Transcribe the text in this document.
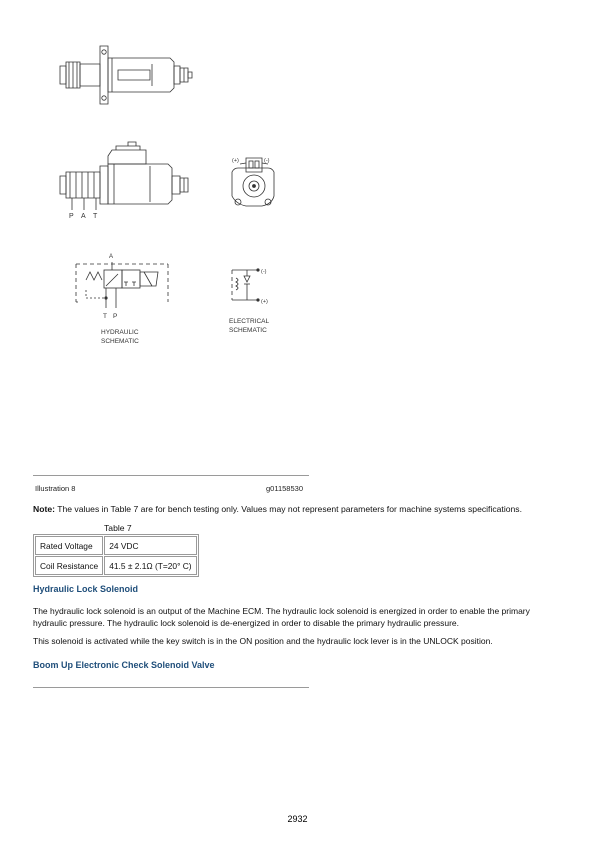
P A T
(+)	(-)
A
T P
HYDRAULIC
SCHEMATIC
(-)
(+)
ELECTRICAL
SCHEMATIC
Illustration 8	g01158530
Note: The values in Table 7 are for bench testing only. Values may not represent parameters for machine systems specifications.
Table 7
Rated Voltage	24 VDC
Coil Resistance	41.5 ± 2.1Ω (T=20° C)
Hydraulic Lock Solenoid
The hydraulic lock solenoid is an output of the Machine ECM. The hydraulic lock solenoid is energized in order to enable the primary hydraulic pressure. The hydraulic lock solenoid is de-energized in order to disable the primary hydraulic pressure.
This solenoid is activated while the key switch is in the ON position and the hydraulic lock lever is in the UNLOCK position.
Boom Up Electronic Check Solenoid Valve
2932
